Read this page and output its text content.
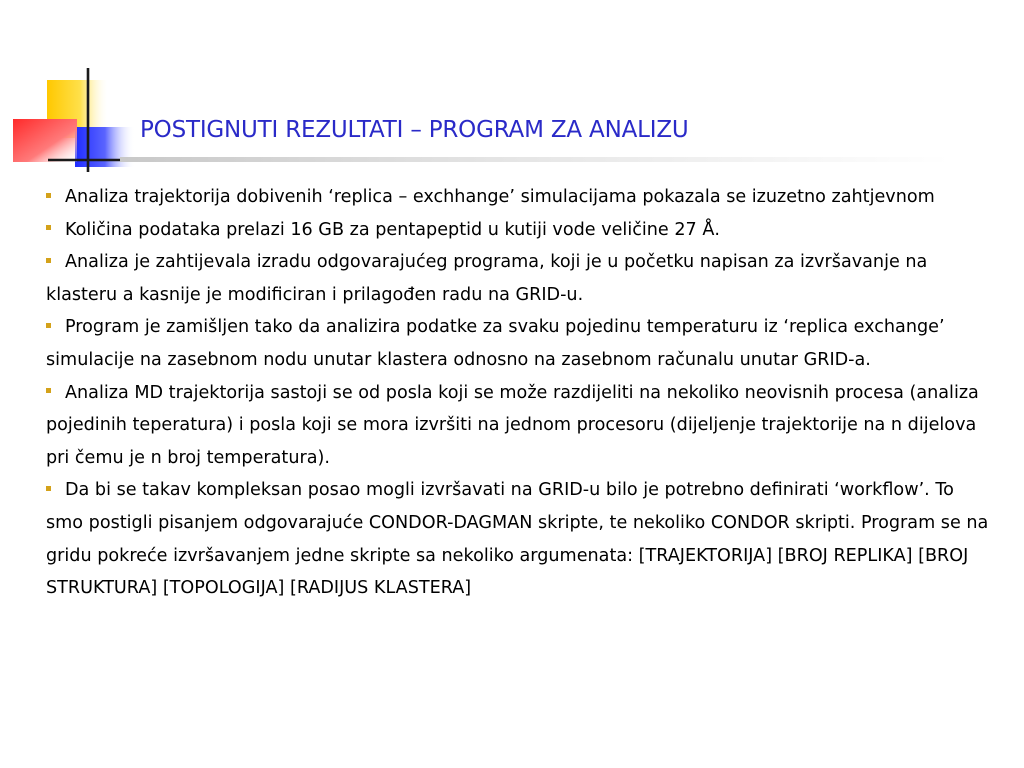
POSTIGNUTI REZULTATI – PROGRAM ZA ANALIZU
Analiza trajektorija dobivenih ‘replica – exchhange’ simulacijama pokazala se izuzetno zahtjevnom
Količina podataka prelazi 16 GB za pentapeptid u kutiji vode veličine 27 Å.
Analiza je zahtijevala izradu odgovarajućeg programa, koji je u početku napisan za izvršavanje na klasteru a kasnije je modificiran i prilagođen radu na GRID-u.
Program je zamišljen tako da analizira podatke za svaku pojedinu temperaturu iz ‘replica exchange’ simulacije na zasebnom nodu unutar klastera odnosno na zasebnom računalu unutar GRID-a.
Analiza MD trajektorija sastoji se od posla koji se može razdijeliti na nekoliko neovisnih procesa (analiza pojedinih teperatura) i posla koji se mora izvršiti na jednom procesoru (dijeljenje trajektorije na n dijelova pri čemu je n broj temperatura).
Da bi se takav kompleksan posao mogli izvršavati na GRID-u bilo je potrebno definirati ‘workflow’. To smo postigli pisanjem odgovarajuće CONDOR-DAGMAN skripte, te nekoliko CONDOR skripti. Program se na gridu pokreće izvršavanjem jedne skripte sa nekoliko argumenata: [TRAJEKTORIJA] [BROJ REPLIKA] [BROJ STRUKTURA] [TOPOLOGIJA] [RADIJUS KLASTERA]
